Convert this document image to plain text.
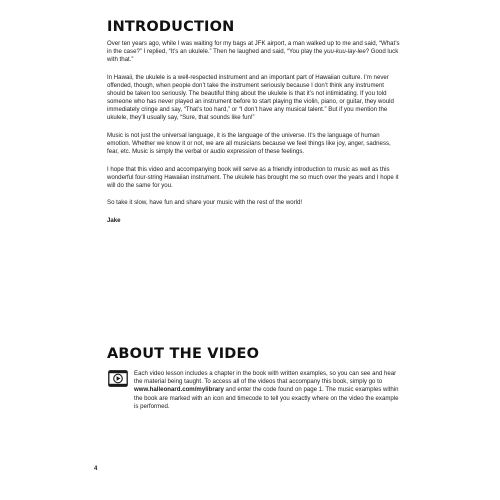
INTRODUCTION

Over ten years ago, while I was waiting for my bags at JFK airport, a man walked up to me and said, “What’s in the case?” I replied, “It’s an ukulele.” Then he laughed and said, “You play the yuu-kuu-lay-lee? Good luck with that.”

In Hawaii, the ukulele is a well-respected instrument and an important part of Hawaiian culture. I’m never offended, though, when people don’t take the instrument seriously because I don’t think any instrument should be taken too seriously. The beautiful thing about the ukulele is that it’s not intimidating. If you told someone who has never played an instrument before to start playing the violin, piano, or guitar, they would immediately cringe and say, “That’s too hard,” or “I don’t have any musical talent.” But if you mention the ukulele, they’ll usually say, “Sure, that sounds like fun!”

Music is not just the universal language, it is the language of the universe. It’s the language of human emotion. Whether we know it or not, we are all musicians because we feel things like joy, anger, sadness, fear, etc. Music is simply the verbal or audio expression of these feelings.

I hope that this video and accompanying book will serve as a friendly introduction to music as well as this wonderful four-string Hawaiian instrument. The ukulele has brought me so much over the years and I hope it will do the same for you.

So take it slow, have fun and share your music with the rest of the world!

Jake

ABOUT THE VIDEO

Each video lesson includes a chapter in the book with written examples, so you can see and hear the material being taught. To access all of the videos that accompany this book, simply go to www.halleonard.com/mylibrary and enter the code found on page 1. The music examples within the book are marked with an icon and timecode to tell you exactly where on the video the example is performed.

4
